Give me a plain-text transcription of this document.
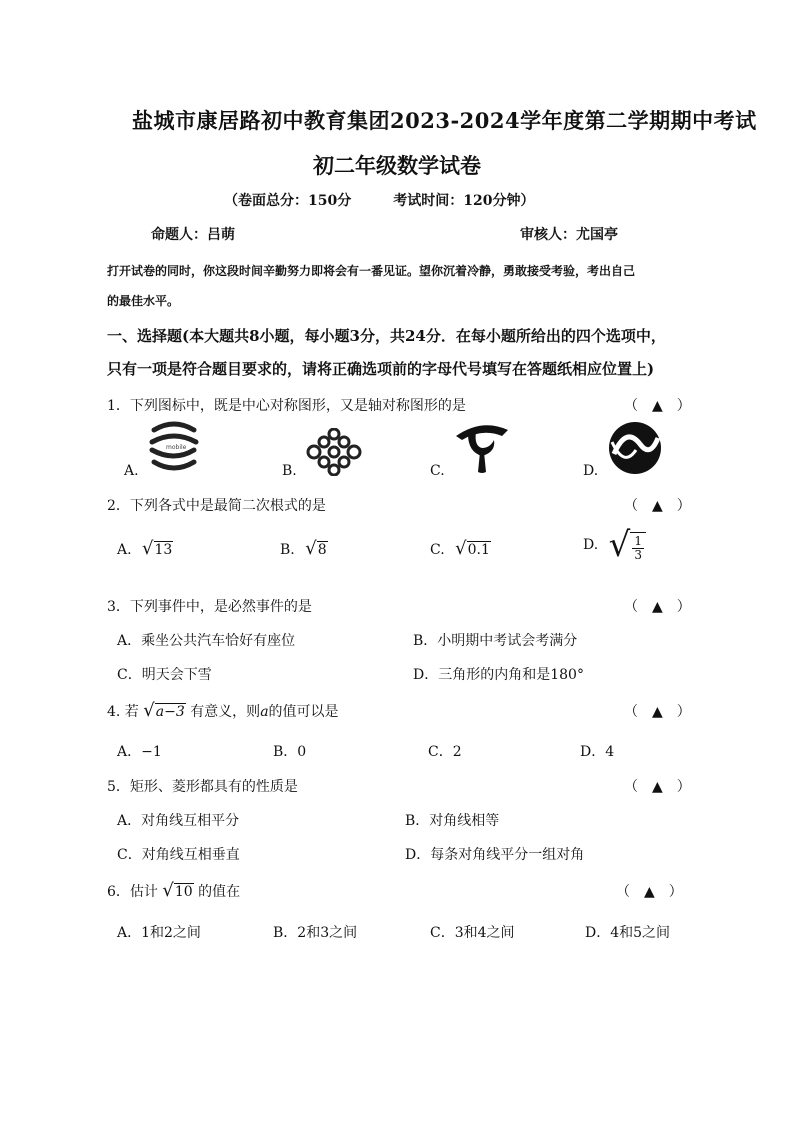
盐城市康居路初中教育集团2023-2024学年度第二学期期中考试
初二年级数学试卷
（卷面总分：150分　　　考试时间：120分钟）
命题人：吕萌	审核人：尤国亭
打开试卷的同时，你这段时间辛勤努力即将会有一番见证。望你沉着冷静，勇敢接受考验，考出自己
的最佳水平。
一、选择题(本大题共8小题，每小题3分，共24分．在每小题所给出的四个选项中，
只有一项是符合题目要求的，请将正确选项前的字母代号填写在答题纸相应位置上)
1．下列图标中，既是中心对称图形，又是轴对称图形的是	（　▲　）
A.
mobile
B.	C.	D.
2．下列各式中是最简二次根式的是	（　▲　）
A. √ 13	B. √ 8	C. √ 0.1	D. √ $\frac{1}{3}$
3．下列事件中，是必然事件的是	（　▲　）
A．乘坐公共汽车恰好有座位	B．小明期中考试会考满分
C．明天会下雪	D．三角形的内角和是180°
4. 若 √ a−3 有意义，则a的值可以是	（　▲　）
A．−1	B．0	C．2	D．4
5．矩形、菱形都具有的性质是	（　▲　）
A．对角线互相平分	B．对角线相等
C．对角线互相垂直	D．每条对角线平分一组对角
6．估计 √ 10 的值在	（　▲　）
A．1和2之间	B．2和3之间	C．3和4之间	D．4和5之间
